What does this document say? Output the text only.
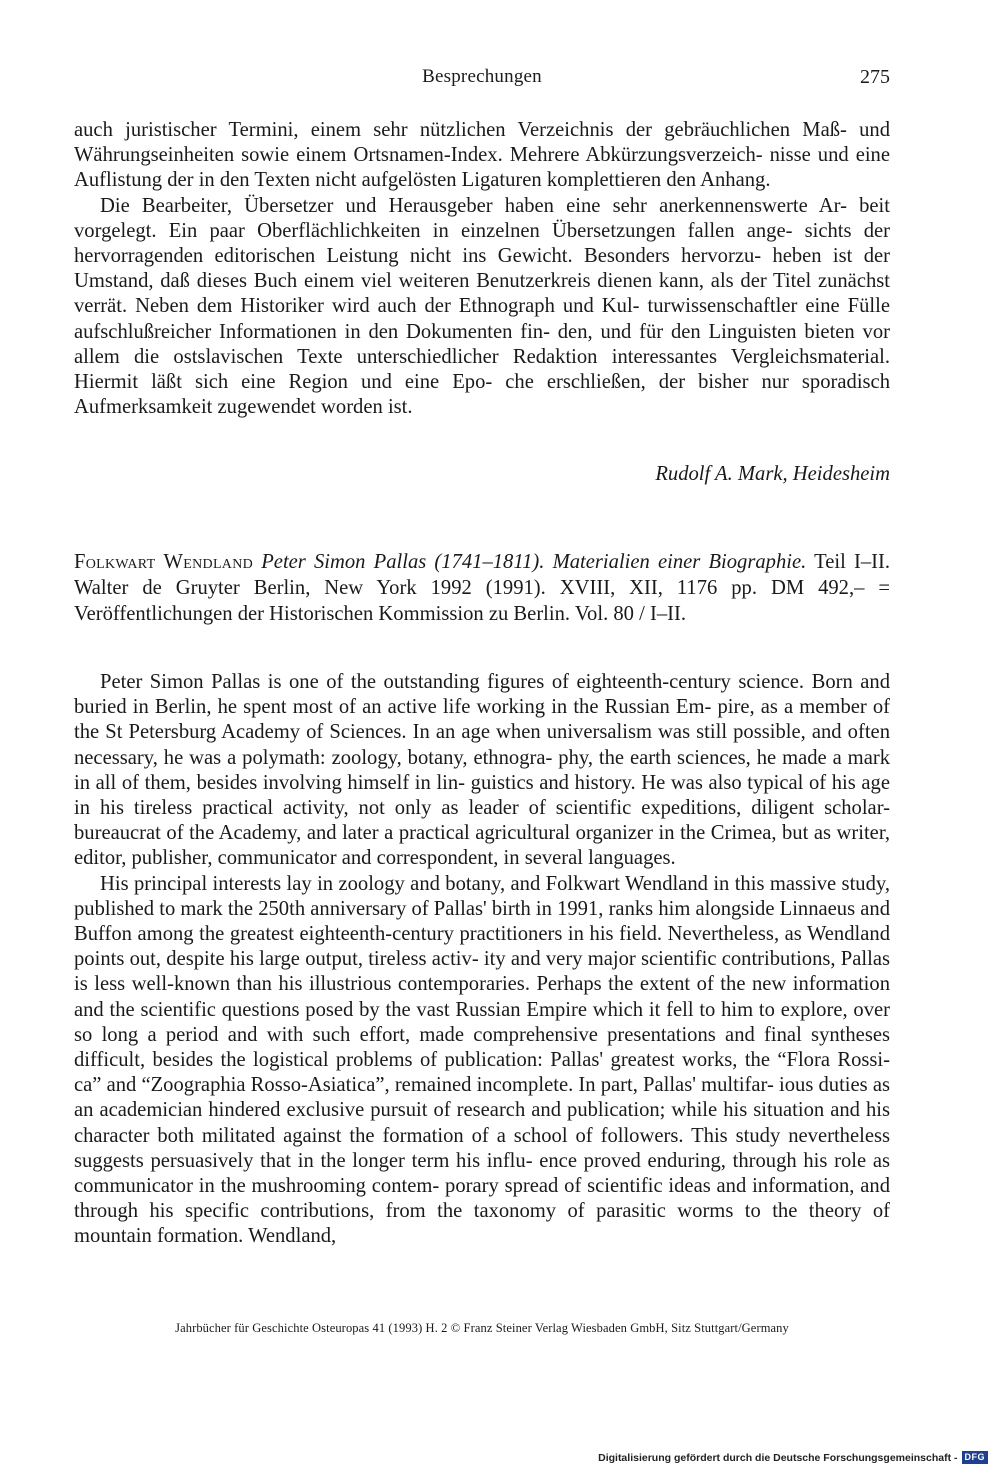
Besprechungen	275

auch juristischer Termini, einem sehr nützlichen Verzeichnis der gebräuchlichen Maß- und Währungseinheiten sowie einem Ortsnamen-Index. Mehrere Abkürzungsverzeich- nisse und eine Auflistung der in den Texten nicht aufgelösten Ligaturen komplettieren den Anhang.

Die Bearbeiter, Übersetzer und Herausgeber haben eine sehr anerkennenswerte Ar- beit vorgelegt. Ein paar Oberflächlichkeiten in einzelnen Übersetzungen fallen ange- sichts der hervorragenden editorischen Leistung nicht ins Gewicht. Besonders hervorzu- heben ist der Umstand, daß dieses Buch einem viel weiteren Benutzerkreis dienen kann, als der Titel zunächst verrät. Neben dem Historiker wird auch der Ethnograph und Kul- turwissenschaftler eine Fülle aufschlußreicher Informationen in den Dokumenten fin- den, und für den Linguisten bieten vor allem die ostslavischen Texte unterschiedlicher Redaktion interessantes Vergleichsmaterial. Hiermit läßt sich eine Region und eine Epo- che erschließen, der bisher nur sporadisch Aufmerksamkeit zugewendet worden ist.

Rudolf A. Mark, Heidesheim

Folkwart Wendland Peter Simon Pallas (1741–1811). Materialien einer Biographie. Teil I–II. Walter de Gruyter Berlin, New York 1992 (1991). XVIII, XII, 1176 pp. DM 492,– = Veröffentlichungen der Historischen Kommission zu Berlin. Vol. 80 / I–II.

Peter Simon Pallas is one of the outstanding figures of eighteenth-century science. Born and buried in Berlin, he spent most of an active life working in the Russian Em- pire, as a member of the St Petersburg Academy of Sciences. In an age when universalism was still possible, and often necessary, he was a polymath: zoology, botany, ethnogra- phy, the earth sciences, he made a mark in all of them, besides involving himself in lin- guistics and history. He was also typical of his age in his tireless practical activity, not only as leader of scientific expeditions, diligent scholar-bureaucrat of the Academy, and later a practical agricultural organizer in the Crimea, but as writer, editor, publisher, communicator and correspondent, in several languages.

His principal interests lay in zoology and botany, and Folkwart Wendland in this massive study, published to mark the 250th anniversary of Pallas' birth in 1991, ranks him alongside Linnaeus and Buffon among the greatest eighteenth-century practitioners in his field. Nevertheless, as Wendland points out, despite his large output, tireless activ- ity and very major scientific contributions, Pallas is less well-known than his illustrious contemporaries. Perhaps the extent of the new information and the scientific questions posed by the vast Russian Empire which it fell to him to explore, over so long a period and with such effort, made comprehensive presentations and final syntheses difficult, besides the logistical problems of publication: Pallas' greatest works, the “Flora Rossi- ca” and “Zoographia Rosso-Asiatica”, remained incomplete. In part, Pallas' multifar- ious duties as an academician hindered exclusive pursuit of research and publication; while his situation and his character both militated against the formation of a school of followers. This study nevertheless suggests persuasively that in the longer term his influ- ence proved enduring, through his role as communicator in the mushrooming contem- porary spread of scientific ideas and information, and through his specific contributions, from the taxonomy of parasitic worms to the theory of mountain formation. Wendland,

Jahrbücher für Geschichte Osteuropas 41 (1993) H. 2 © Franz Steiner Verlag Wiesbaden GmbH, Sitz Stuttgart/Germany
Digitalisierung gefördert durch die Deutsche Forschungsgemeinschaft - DFG
